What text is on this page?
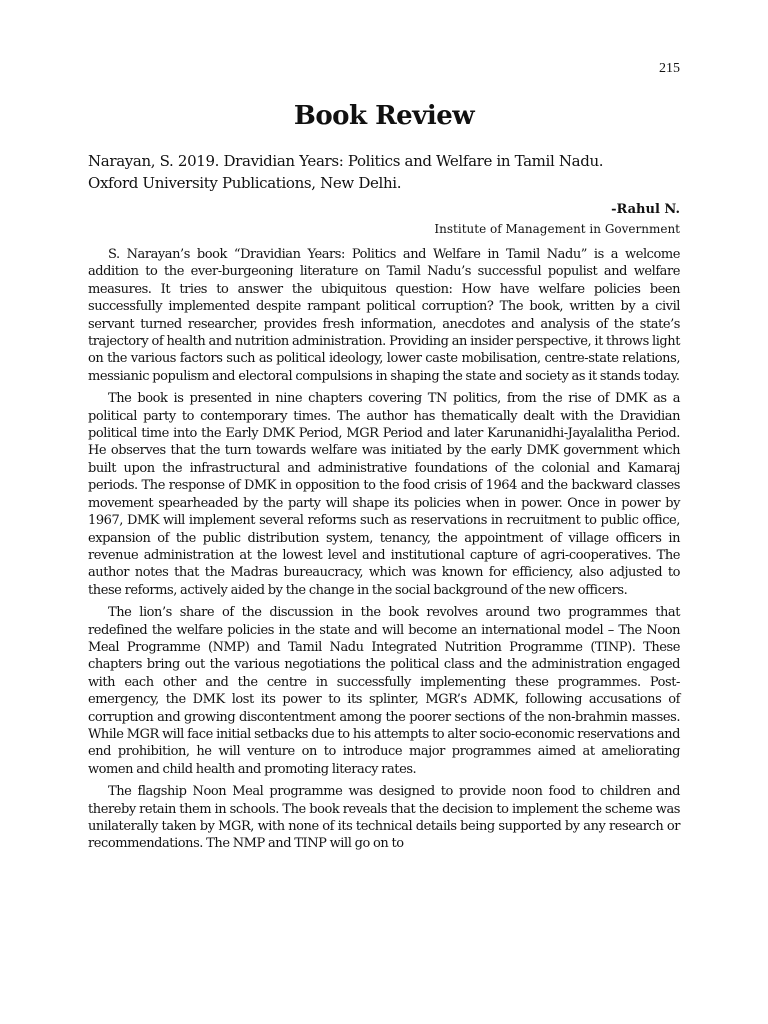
215
Book Review

Narayan, S. 2019. Dravidian Years: Politics and Welfare in Tamil Nadu.
Oxford University Publications, New Delhi.

-Rahul N.
Institute of Management in Government

S. Narayan’s book “Dravidian Years: Politics and Welfare in Tamil Nadu” is a welcome addition to the ever-burgeoning literature on Tamil Nadu’s successful populist and welfare measures. It tries to answer the ubiquitous question: How have welfare policies been successfully implemented despite rampant political corruption? The book, written by a civil servant turned researcher, provides fresh information, anecdotes and analysis of the state’s trajectory of health and nutrition administration. Providing an insider perspective, it throws light on the various factors such as political ideology, lower caste mobilisation, centre-state relations, messianic populism and electoral compulsions in shaping the state and society as it stands today.

The book is presented in nine chapters covering TN politics, from the rise of DMK as a political party to contemporary times. The author has thematically dealt with the Dravidian political time into the Early DMK Period, MGR Period and later Karunanidhi-Jayalalitha Period. He observes that the turn towards welfare was initiated by the early DMK government which built upon the infrastructural and administrative foundations of the colonial and Kamaraj periods. The response of DMK in opposition to the food crisis of 1964 and the backward classes movement spearheaded by the party will shape its policies when in power. Once in power by 1967, DMK will implement several reforms such as reservations in recruitment to public office, expansion of the public distribution system, tenancy, the appointment of village officers in revenue administration at the lowest level and institutional capture of agri-cooperatives. The author notes that the Madras bureaucracy, which was known for efficiency, also adjusted to these reforms, actively aided by the change in the social background of the new officers.

The lion’s share of the discussion in the book revolves around two programmes that redefined the welfare policies in the state and will become an international model – The Noon Meal Programme (NMP) and Tamil Nadu Integrated Nutrition Programme (TINP). These chapters bring out the various negotiations the political class and the administration engaged with each other and the centre in successfully implementing these programmes. Post-emergency, the DMK lost its power to its splinter, MGR’s ADMK, following accusations of corruption and growing discontentment among the poorer sections of the non-brahmin masses. While MGR will face initial setbacks due to his attempts to alter socio-economic reservations and end prohibition, he will venture on to introduce major programmes aimed at ameliorating women and child health and promoting literacy rates.

The flagship Noon Meal programme was designed to provide noon food to children and thereby retain them in schools. The book reveals that the decision to implement the scheme was unilaterally taken by MGR, with none of its technical details being supported by any research or recommendations. The NMP and TINP will go on to
